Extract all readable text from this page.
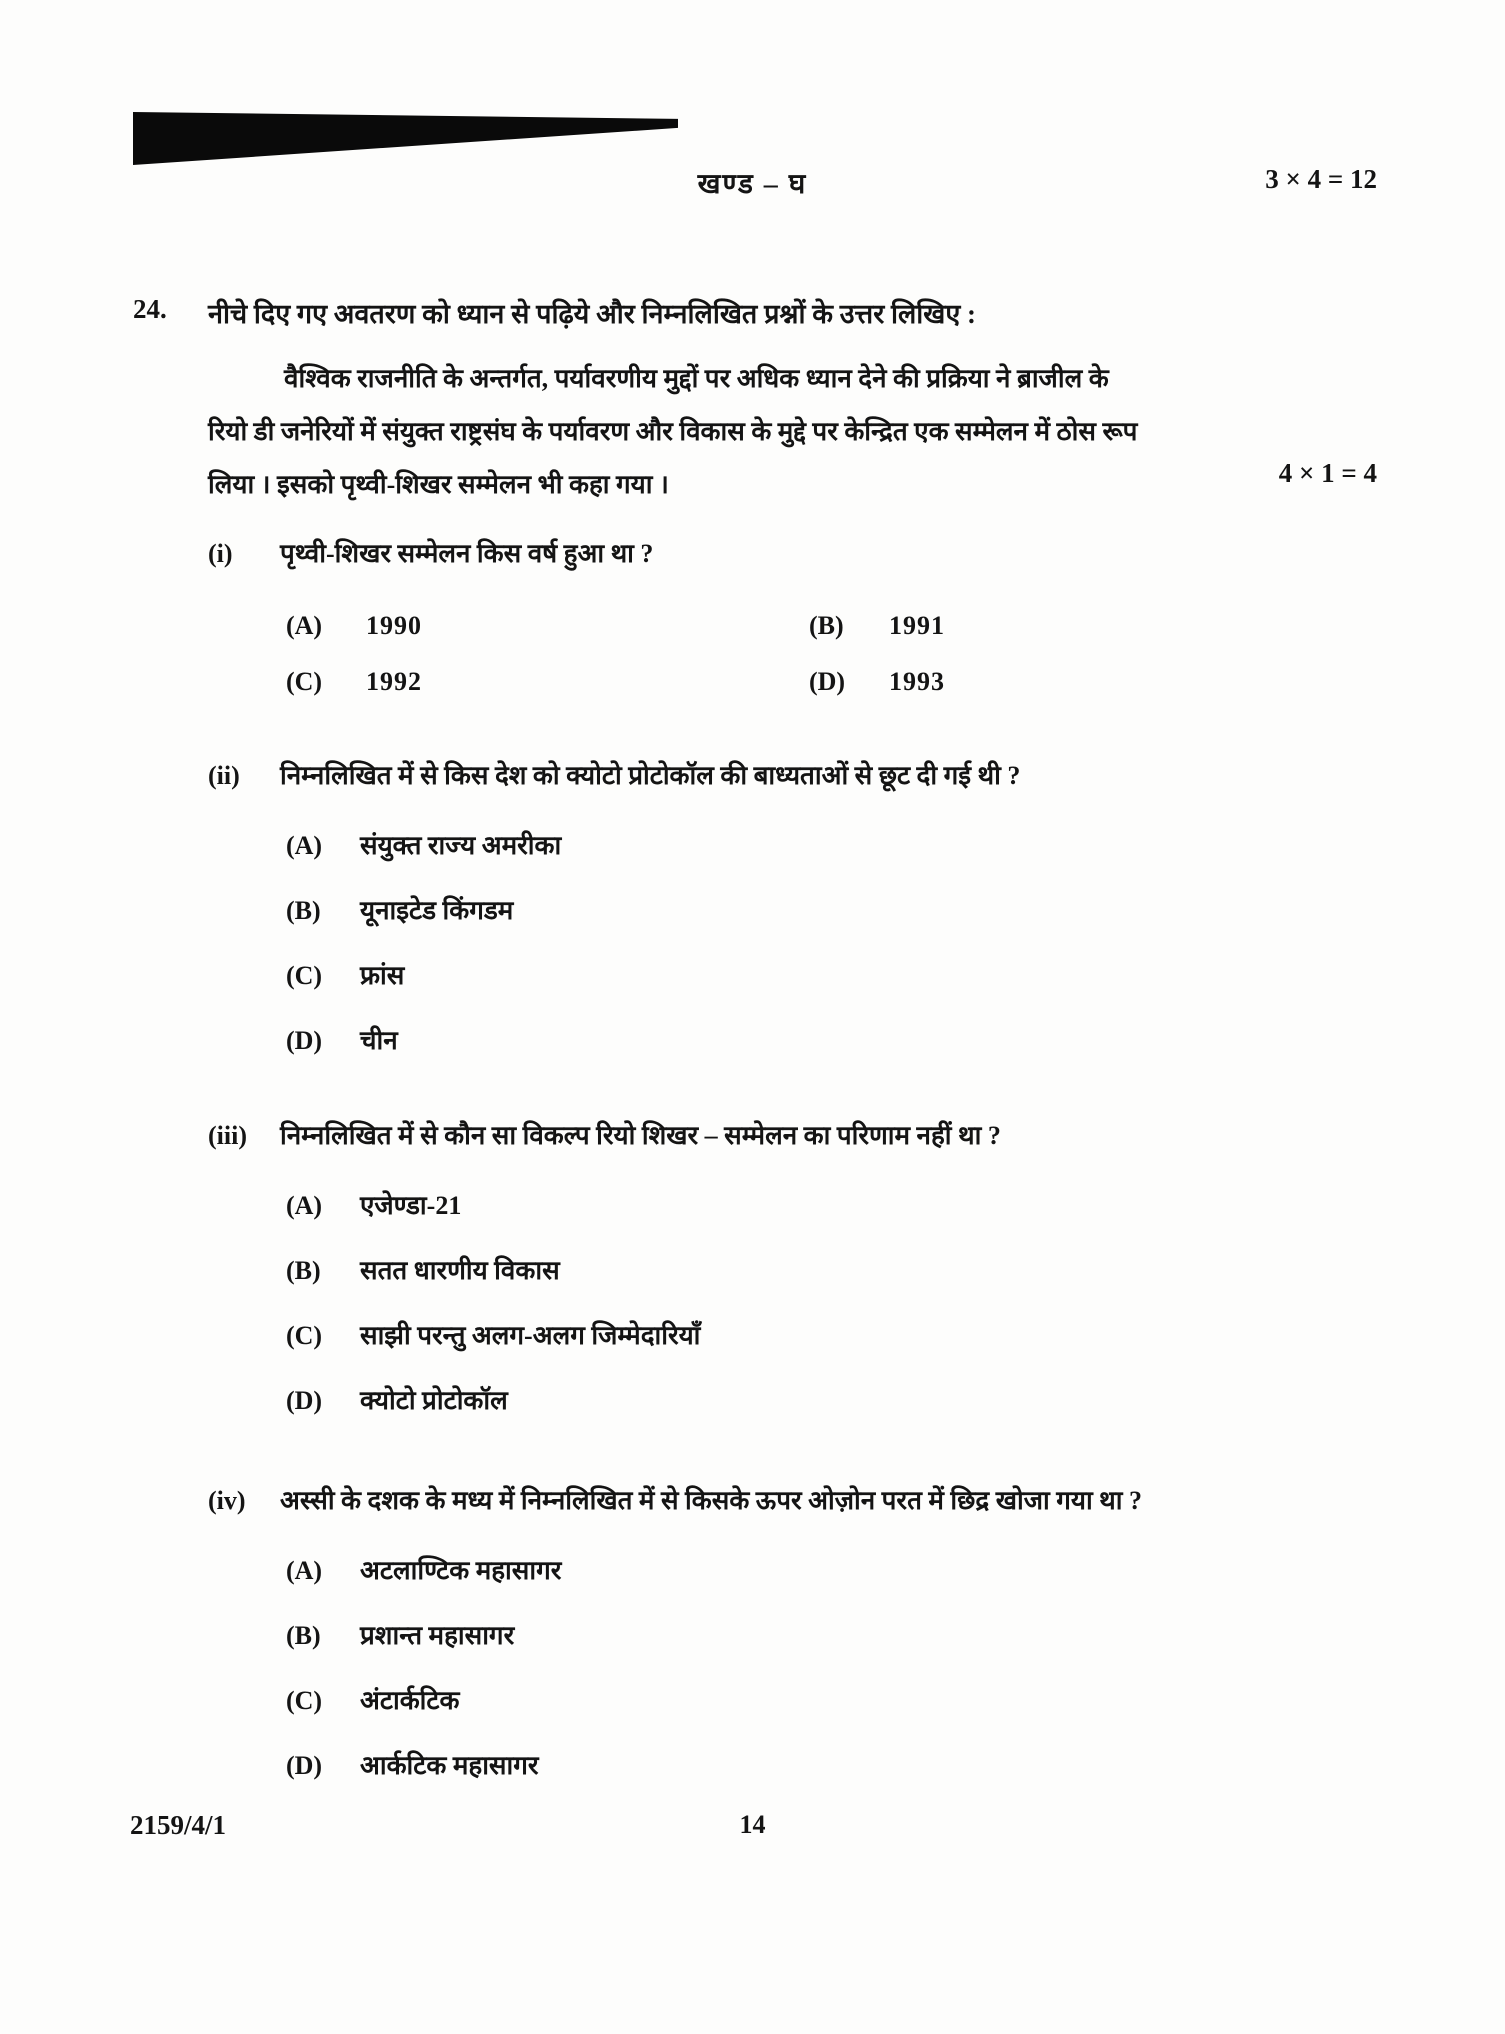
खण्ड – घ	3 × 4 = 12
24.	नीचे दिए गए अवतरण को ध्यान से पढ़िये और निम्नलिखित प्रश्नों के उत्तर लिखिए :
वैश्विक राजनीति के अन्तर्गत, पर्यावरणीय मुद्दों पर अधिक ध्यान देने की प्रक्रिया ने ब्राजील के
रियो डी जनेरियों में संयुक्त राष्ट्रसंघ के पर्यावरण और विकास के मुद्दे पर केन्द्रित एक सम्मेलन में ठोस रूप
लिया । इसको पृथ्वी-शिखर सम्मेलन भी कहा गया ।	4 × 1 = 4
(i)	पृथ्वी-शिखर सम्मेलन किस वर्ष हुआ था ?
(A)	1990	(B)	1991
(C)	1992	(D)	1993
(ii)	निम्नलिखित में से किस देश को क्योटो प्रोटोकॉल की बाध्यताओं से छूट दी गई थी ?
(A)	संयुक्त राज्य अमरीका
(B)	यूनाइटेड किंगडम
(C)	फ्रांस
(D)	चीन
(iii)	निम्नलिखित में से कौन सा विकल्प रियो शिखर – सम्मेलन का परिणाम नहीं था ?
(A)	एजेण्डा-21
(B)	सतत धारणीय विकास
(C)	साझी परन्तु अलग-अलग जिम्मेदारियाँ
(D)	क्योटो प्रोटोकॉल
(iv)	अस्सी के दशक के मध्य में निम्नलिखित में से किसके ऊपर ओज़ोन परत में छिद्र खोजा गया था ?
(A)	अटलाण्टिक महासागर
(B)	प्रशान्त महासागर
(C)	अंटार्कटिक
(D)	आर्कटिक महासागर
2159/4/1	14
